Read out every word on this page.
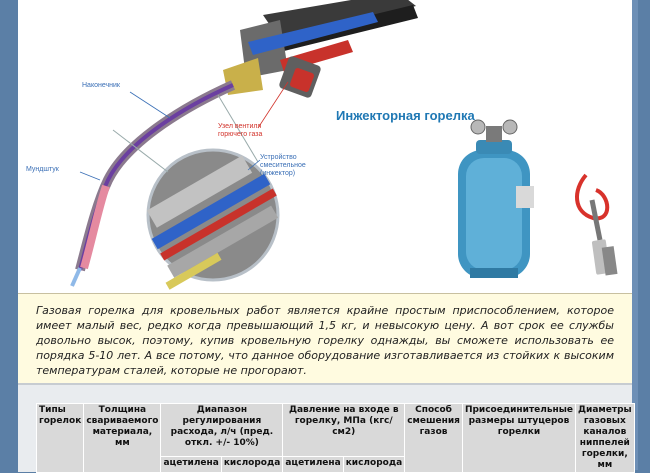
Инжекторная горелка
Наконечник
Мундштук
Узел вентиля
горючего газа
Устройство
смесительное
(инжектор)

Газовая горелка для кровельных работ является крайне простым приспособлением, которое имеет малый вес, редко когда превышающий 1,5 кг, и невысокую цену. А вот срок ее службы довольно высок, поэтому, купив кровельную горелку однажды, вы сможете использовать ее порядка 5-10 лет. А все потому, что данное оборудование изготавливается из стойких к высоким температурам сталей, которые не прогорают.

Типы горелок	Толщина свариваемого материала, мм	Диапазон регулирования расхода, л/ч (пред. откл. +/- 10%)		Давление на входе в горелку, МПа (кгс/ см2)		Способ смешения газов	Присоединительные размеры штуцеров горелки	Диаметры газовых каналов ниппелей горелки, мм
		ацетилена	кислорода	ацетилена	кислорода			
